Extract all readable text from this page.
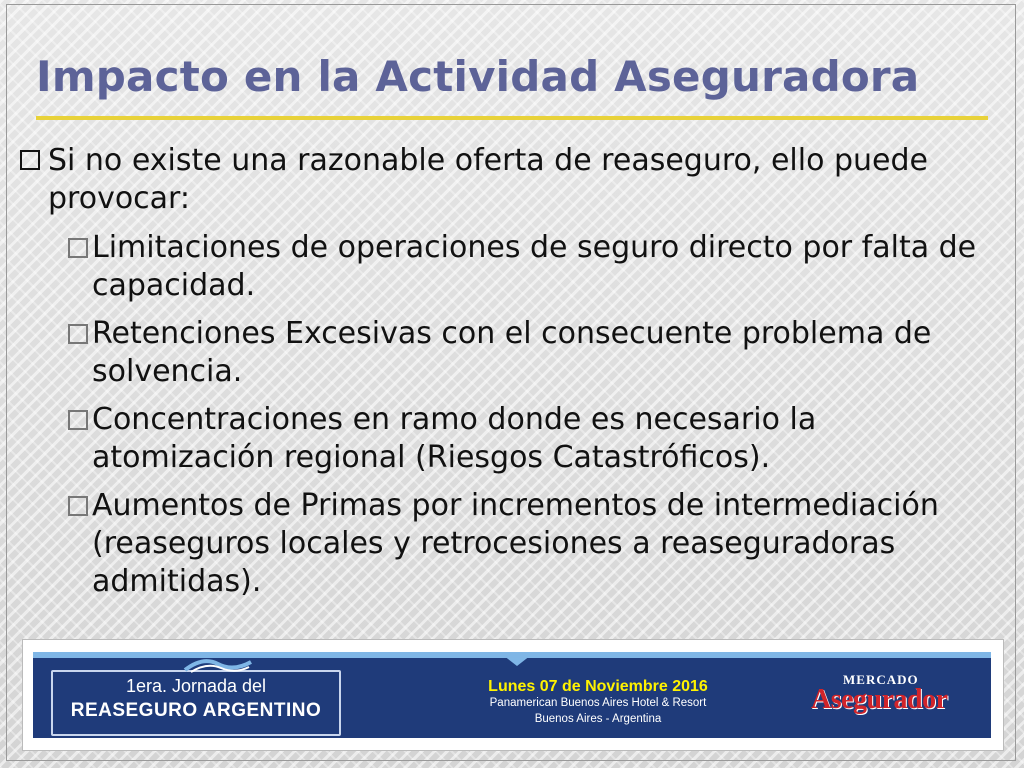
Impacto en la Actividad Aseguradora
Si no existe una razonable oferta de reaseguro, ello puede provocar:
Limitaciones de operaciones de seguro directo por falta de capacidad.
Retenciones Excesivas con el consecuente problema de solvencia.
Concentraciones en ramo donde es necesario la atomización regional (Riesgos Catastróficos).
Aumentos de Primas por incrementos de intermediación (reaseguros locales y retrocesiones a reaseguradoras admitidas).
1era. Jornada del
REASEGURO ARGENTINO
Lunes 07 de Noviembre 2016
Panamerican Buenos Aires Hotel & Resort
Buenos Aires - Argentina
MERCADO
Asegurador
